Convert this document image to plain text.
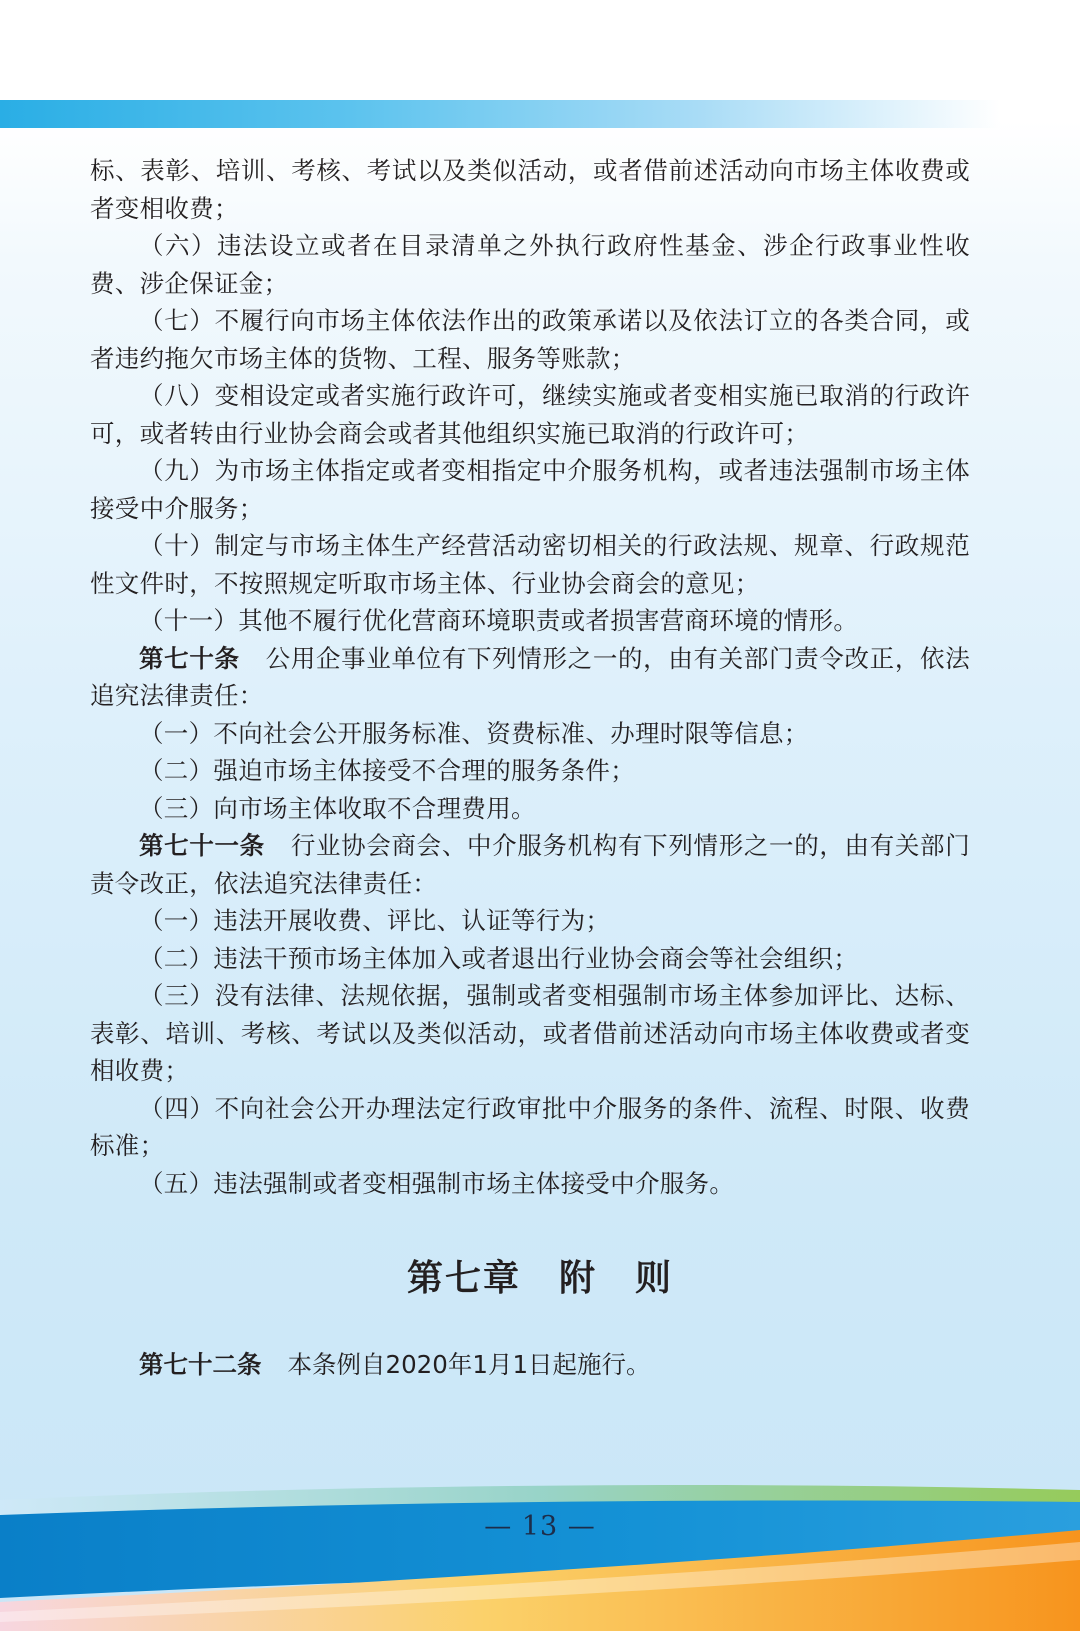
标、表彰、培训、考核、考试以及类似活动，或者借前述活动向市场主体收费或者变相收费；

（六）违法设立或者在目录清单之外执行政府性基金、涉企行政事业性收费、涉企保证金；

（七）不履行向市场主体依法作出的政策承诺以及依法订立的各类合同，或者违约拖欠市场主体的货物、工程、服务等账款；

（八）变相设定或者实施行政许可，继续实施或者变相实施已取消的行政许可，或者转由行业协会商会或者其他组织实施已取消的行政许可；

（九）为市场主体指定或者变相指定中介服务机构，或者违法强制市场主体接受中介服务；

（十）制定与市场主体生产经营活动密切相关的行政法规、规章、行政规范性文件时，不按照规定听取市场主体、行业协会商会的意见；

（十一）其他不履行优化营商环境职责或者损害营商环境的情形。

第七十条 公用企事业单位有下列情形之一的，由有关部门责令改正，依法追究法律责任：

（一）不向社会公开服务标准、资费标准、办理时限等信息；

（二）强迫市场主体接受不合理的服务条件；

（三）向市场主体收取不合理费用。

第七十一条 行业协会商会、中介服务机构有下列情形之一的，由有关部门责令改正，依法追究法律责任：

（一）违法开展收费、评比、认证等行为；

（二）违法干预市场主体加入或者退出行业协会商会等社会组织；

（三）没有法律、法规依据，强制或者变相强制市场主体参加评比、达标、表彰、培训、考核、考试以及类似活动，或者借前述活动向市场主体收费或者变相收费；

（四）不向社会公开办理法定行政审批中介服务的条件、流程、时限、收费标准；

（五）违法强制或者变相强制市场主体接受中介服务。

第七章　附　则

第七十二条 本条例自2020年1月1日起施行。

— 13 —
